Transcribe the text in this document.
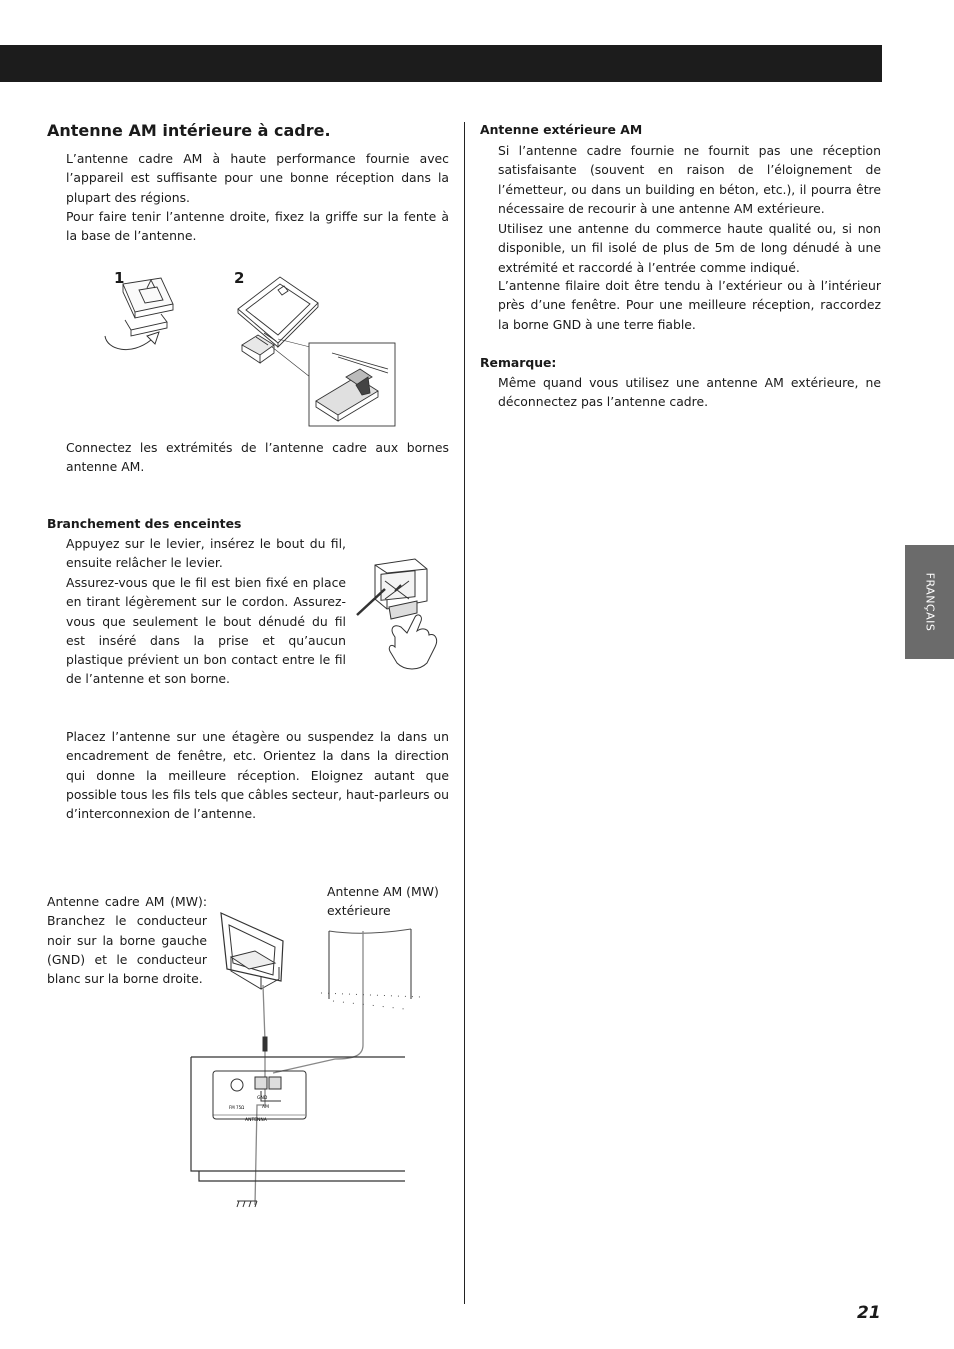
FRANÇAIS
Antenne AM intérieure à cadre.

L’antenne cadre AM à haute performance fournie avec l’appareil est suffisante pour une bonne réception dans la plupart des régions.

Pour faire tenir l’antenne droite, fixez la griffe sur la fente à la base de l’antenne.

1	2

Connectez les extrémités de l’antenne cadre aux bornes antenne AM.

Branchement des enceintes

Appuyez sur le levier, insérez le bout du fil, ensuite relâcher le levier.

Assurez-vous que le fil est bien fixé en place en tirant légèrement sur le cordon. Assurez-vous que seulement le bout dénudé du fil est inséré dans la prise et qu’aucun plastique prévient un bon contact entre le fil de l’antenne et son borne.

Placez l’antenne sur une étagère ou suspendez la dans un encadrement de fenêtre, etc. Orientez la dans la direction qui donne la meilleure réception. Eloignez autant que possible tous les fils tels que câbles secteur, haut-parleurs ou d’interconnexion de l’antenne.

Antenne cadre AM (MW): Branchez le conducteur noir sur la borne gauche (GND) et le conducteur blanc sur la borne droite.

Antenne AM (MW) extérieure

GND
AM
FM 75Ω
ANTENNA
Antenne extérieure AM

Si l’antenne cadre fournie ne fournit pas une réception satisfaisante (souvent en raison de l’éloignement de l’émetteur, ou dans un building en béton, etc.), il pourra être nécessaire de recourir à une antenne AM extérieure.

Utilisez une antenne du commerce haute qualité ou, si non disponible, un fil isolé de plus de 5m de long dénudé à une extrémité et raccordé à l’entrée comme indiqué.

L’antenne filaire doit être tendu à l’extérieur ou à l’intérieur près d’une fenêtre. Pour une meilleure réception, raccordez la borne GND à une terre fiable.

Remarque:

Même quand vous utilisez une antenne AM extérieure, ne déconnectez pas l’antenne cadre.

21
